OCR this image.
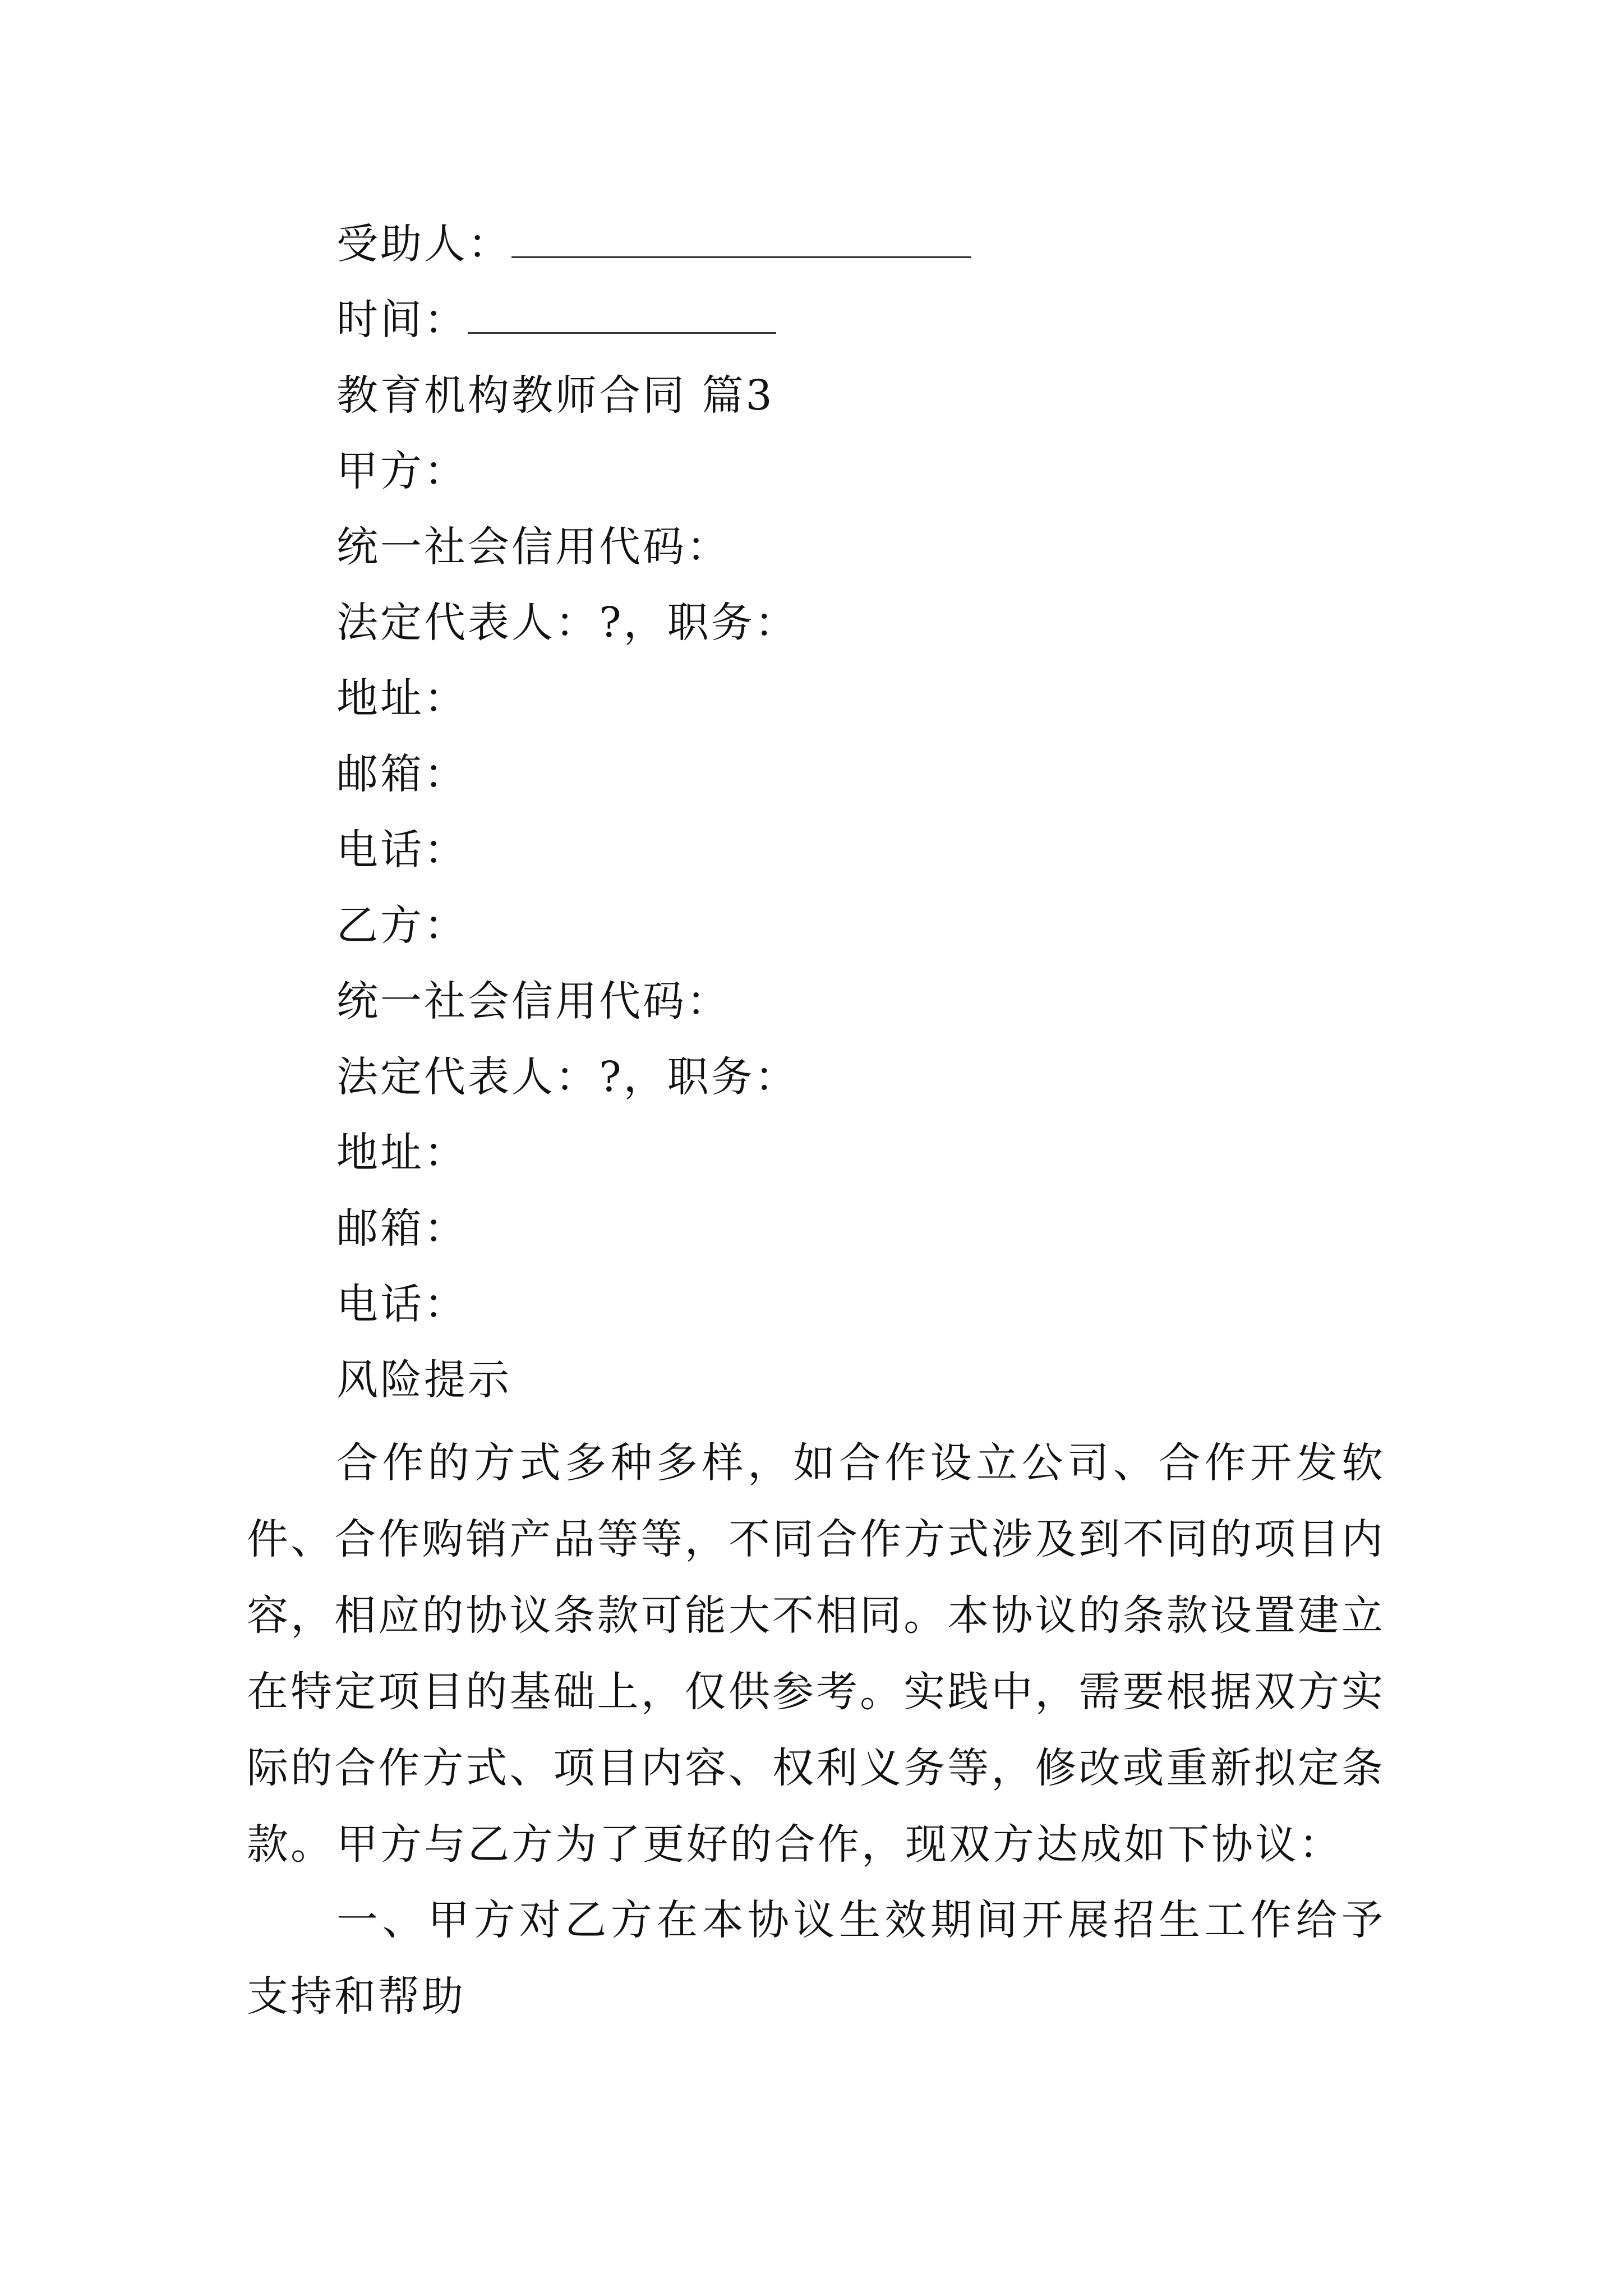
受助人：
时间：
教育机构教师合同 篇3
甲方：
统一社会信用代码：
法定代表人：?，职务：
地址：
邮箱：
电话：
乙方：
统一社会信用代码：
法定代表人：?，职务：
地址：
邮箱：
电话：
风险提示
合作的方式多种多样，如合作设立公司、合作开发软件、合作购销产品等等，不同合作方式涉及到不同的项目内容，相应的协议条款可能大不相同。本协议的条款设置建立在特定项目的基础上，仅供参考。实践中，需要根据双方实际的合作方式、项目内容、权利义务等，修改或重新拟定条款。 甲方与乙方为了更好的合作，现双方达成如下协议：
一、甲方对乙方在本协议生效期间开展招生工作给予支持和帮助
